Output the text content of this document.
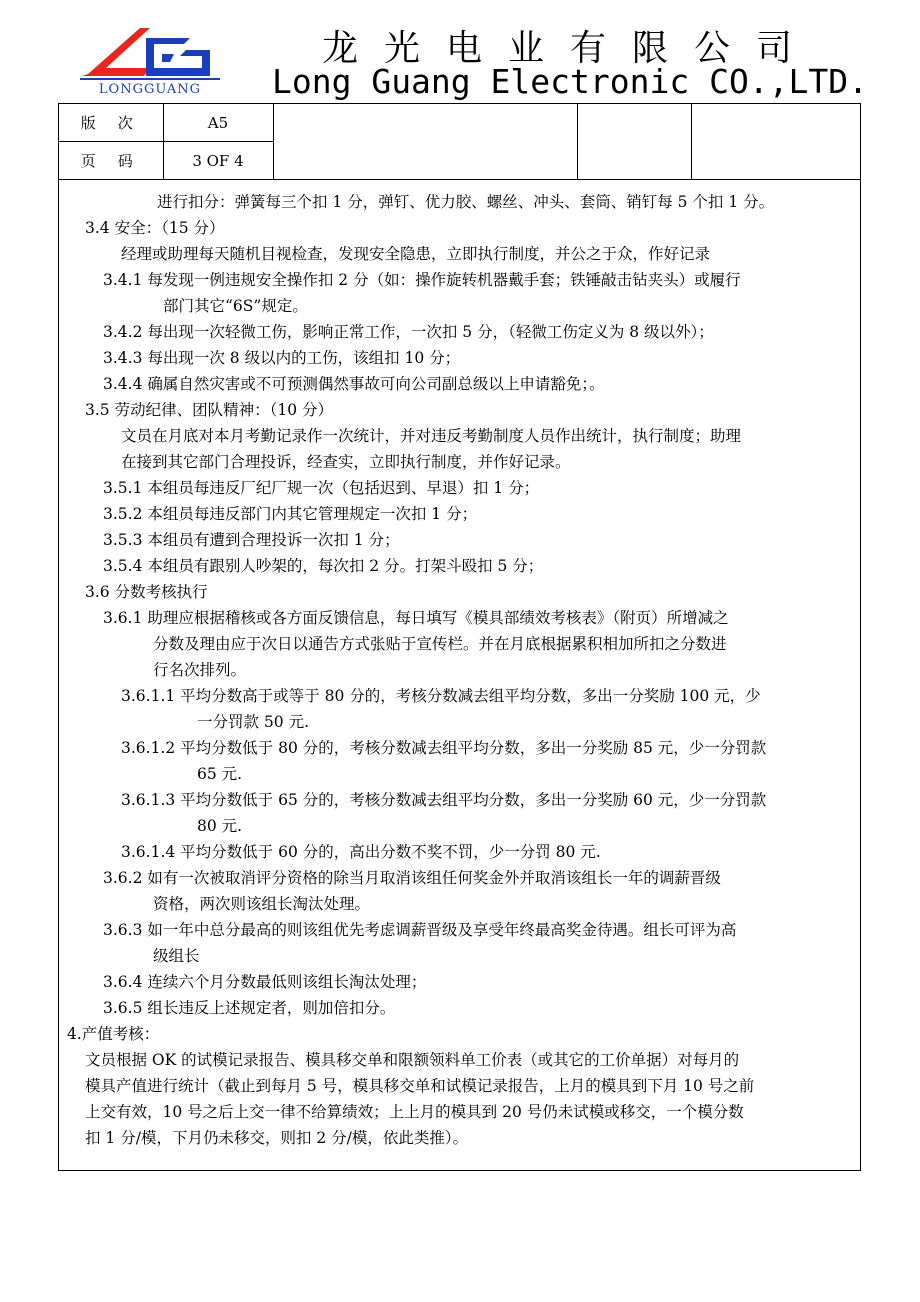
LONGGUANG
龙光电业有限公司
Long Guang Electronic CO.,LTD.
版次	A5			
页码	3 OF 4			
进行扣分：弹簧每三个扣 1 分，弹钉、优力胶、螺丝、冲头、套筒、销钉每 5 个扣 1 分。
3.4 安全：（15 分）
经理或助理每天随机目视检查，发现安全隐患，立即执行制度，并公之于众，作好记录
3.4.1 每发现一例违规安全操作扣 2 分（如：操作旋转机器戴手套；铁锤敲击钻夹头）或履行
部门其它“6S”规定。
3.4.2 每出现一次轻微工伤，影响正常工作，一次扣 5 分，（轻微工伤定义为 8 级以外）；
3.4.3 每出现一次 8 级以内的工伤，该组扣 10 分；
3.4.4 确属自然灾害或不可预测偶然事故可向公司副总级以上申请豁免；。
3.5 劳动纪律、团队精神：（10 分）
文员在月底对本月考勤记录作一次统计，并对违反考勤制度人员作出统计，执行制度；助理
在接到其它部门合理投诉，经查实，立即执行制度，并作好记录。
3.5.1 本组员每违反厂纪厂规一次（包括迟到、早退）扣 1 分；
3.5.2 本组员每违反部门内其它管理规定一次扣 1 分；
3.5.3 本组员有遭到合理投诉一次扣 1 分；
3.5.4 本组员有跟别人吵架的，每次扣 2 分。打架斗殴扣 5 分；
3.6 分数考核执行
3.6.1 助理应根据稽核或各方面反馈信息，每日填写《模具部绩效考核表》（附页）所增减之
分数及理由应于次日以通告方式张贴于宣传栏。并在月底根据累积相加所扣之分数进
行名次排列。
3.6.1.1 平均分数高于或等于 80 分的，考核分数减去组平均分数，多出一分奖励 100 元，少
一分罚款 50 元.
3.6.1.2 平均分数低于 80 分的，考核分数减去组平均分数，多出一分奖励 85 元，少一分罚款
65 元.
3.6.1.3 平均分数低于 65 分的，考核分数减去组平均分数，多出一分奖励 60 元，少一分罚款
80 元.
3.6.1.4 平均分数低于 60 分的，高出分数不奖不罚，少一分罚 80 元.
3.6.2 如有一次被取消评分资格的除当月取消该组任何奖金外并取消该组长一年的调薪晋级
资格，两次则该组长淘汰处理。
3.6.3 如一年中总分最高的则该组优先考虑调薪晋级及享受年终最高奖金待遇。组长可评为高
级组长
3.6.4 连续六个月分数最低则该组长淘汰处理；
3.6.5 组长违反上述规定者，则加倍扣分。
4.产值考核：
文员根据 OK 的试模记录报告、模具移交单和限额领料单工价表（或其它的工价单据）对每月的
模具产值进行统计（截止到每月 5 号，模具移交单和试模记录报告，上月的模具到下月 10 号之前
上交有效，10 号之后上交一律不给算绩效；上上月的模具到 20 号仍未试模或移交，一个模分数
扣 1 分/模，下月仍未移交，则扣 2 分/模，依此类推）。
